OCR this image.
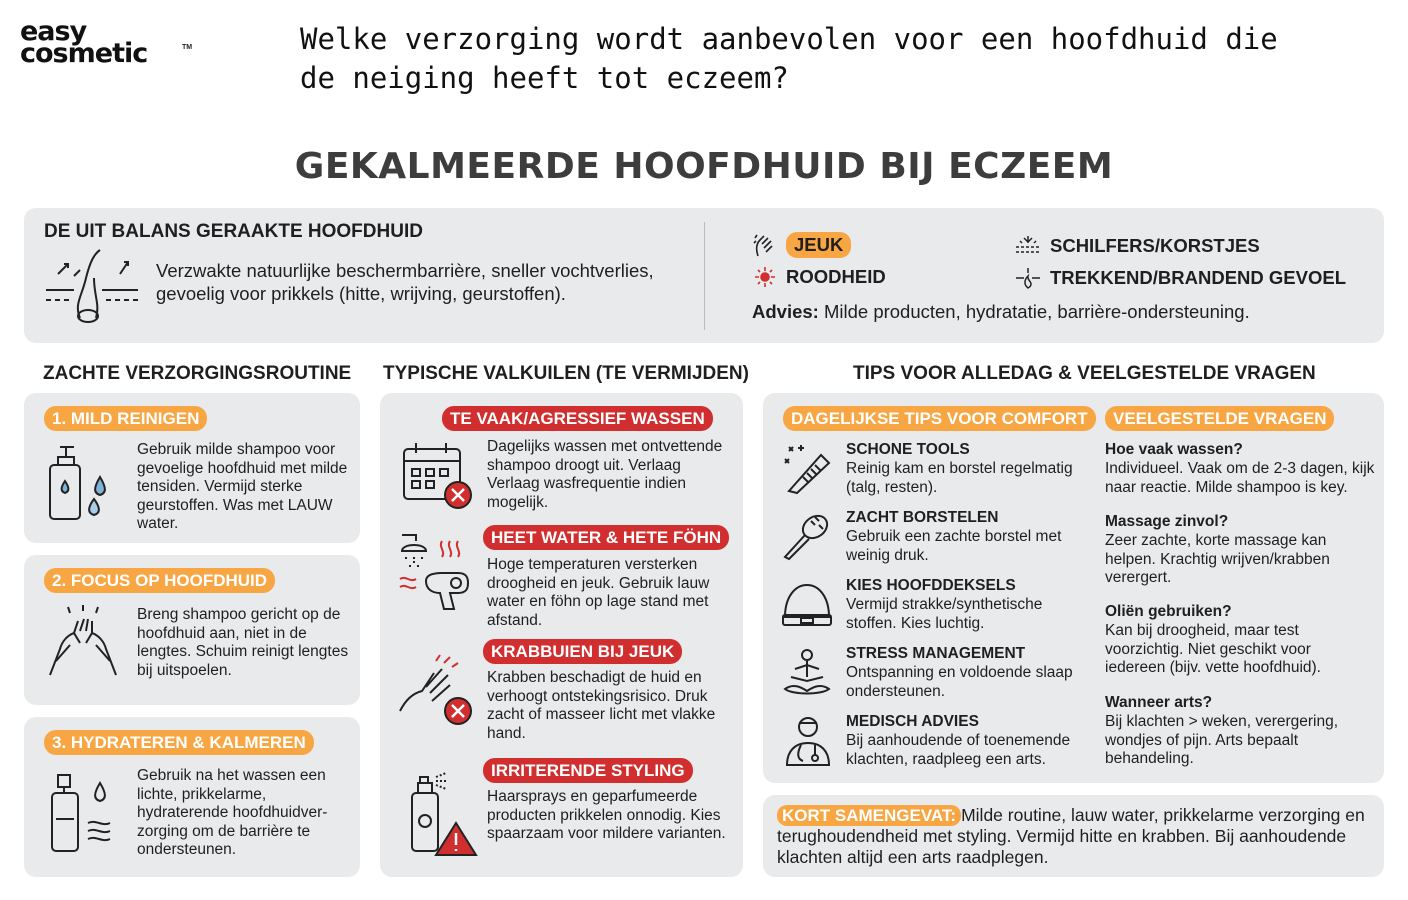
easy
cosmetic	TM	Welke verzorging wordt aanbevolen voor een hoofdhuid die de neiging heeft tot eczeem?
GEKALMEERDE HOOFDHUID BIJ ECZEEM
DE UIT BALANS GERAAKTE HOOFDHUID
Verzwakte natuurlijke beschermbarrière, sneller vochtverlies, gevoelig voor prikkels (hitte, wrijving, geurstoffen).
JEUK	SCHILFERS/KORSTJES
ROODHEID	TREKKEND/BRANDEND GEVOEL
Advies: Milde producten, hydratatie, barrière-ondersteuning.
ZACHTE VERZORGINGSROUTINE TYPISCHE VALKUILEN (TE VERMIJDEN)	TIPS VOOR ALLEDAG & VEELGESTELDE VRAGEN
1. MILD REINIGEN
Gebruik milde shampoo voor gevoelige hoofdhuid met milde tensiden. Vermijd sterke geurstoffen. Was met LAUW water.
2. FOCUS OP HOOFDHUID
Breng shampoo gericht op de hoofdhuid aan, niet in de lengtes. Schuim reinigt lengtes bij uitspoelen.
3. HYDRATEREN & KALMEREN
Gebruik na het wassen een lichte, prikkelarme, hydraterende hoofdhuidver-zorging om de barrière te ondersteunen.
TE VAAK/AGRESSIEF WASSEN
Dagelijks wassen met ontvettende shampoo droogt uit. Verlaag Verlaag wasfrequentie indien mogelijk.
HEET WATER & HETE FÖHN
Hoge temperaturen versterken droogheid en jeuk. Gebruik lauw water en föhn op lage stand met afstand.
KRABBUIEN BIJ JEUK
Krabben beschadigt de huid en verhoogt ontstekingsrisico. Druk zacht of masseer licht met vlakke hand.
IRRITERENDE STYLING
Haarsprays en geparfumeerde producten prikkelen onnodig. Kies spaarzaam voor mildere varianten.
DAGELIJKSE TIPS VOOR COMFORT	VEELGESTELDE VRAGEN
SCHONE TOOLS
Reinig kam en borstel regelmatig (talg, resten).
ZACHT BORSTELEN
Gebruik een zachte borstel met weinig druk.
KIES HOOFDDEKSELS
Vermijd strakke/synthetische stoffen. Kies luchtig.
STRESS MANAGEMENT
Ontspanning en voldoende slaap ondersteunen.
MEDISCH ADVIES
Bij aanhoudende of toenemende klachten, raadpleeg een arts.
Hoe vaak wassen?
Individueel. Vaak om de 2-3 dagen, kijk naar reactie. Milde shampoo is key.
Massage zinvol?
Zeer zachte, korte massage kan helpen. Krachtig wrijven/krabben verergert.
Oliën gebruiken?
Kan bij droogheid, maar test voorzichtig. Niet geschikt voor iedereen (bijv. vette hoofdhuid).
Wanneer arts?
Bij klachten > weken, verergering, wondjes of pijn. Arts bepaalt behandeling.
KORT SAMENGEVAT: Milde routine, lauw water, prikkelarme verzorging en terughoudendheid met styling. Vermijd hitte en krabben. Bij aanhoudende klachten altijd een arts raadplegen.
